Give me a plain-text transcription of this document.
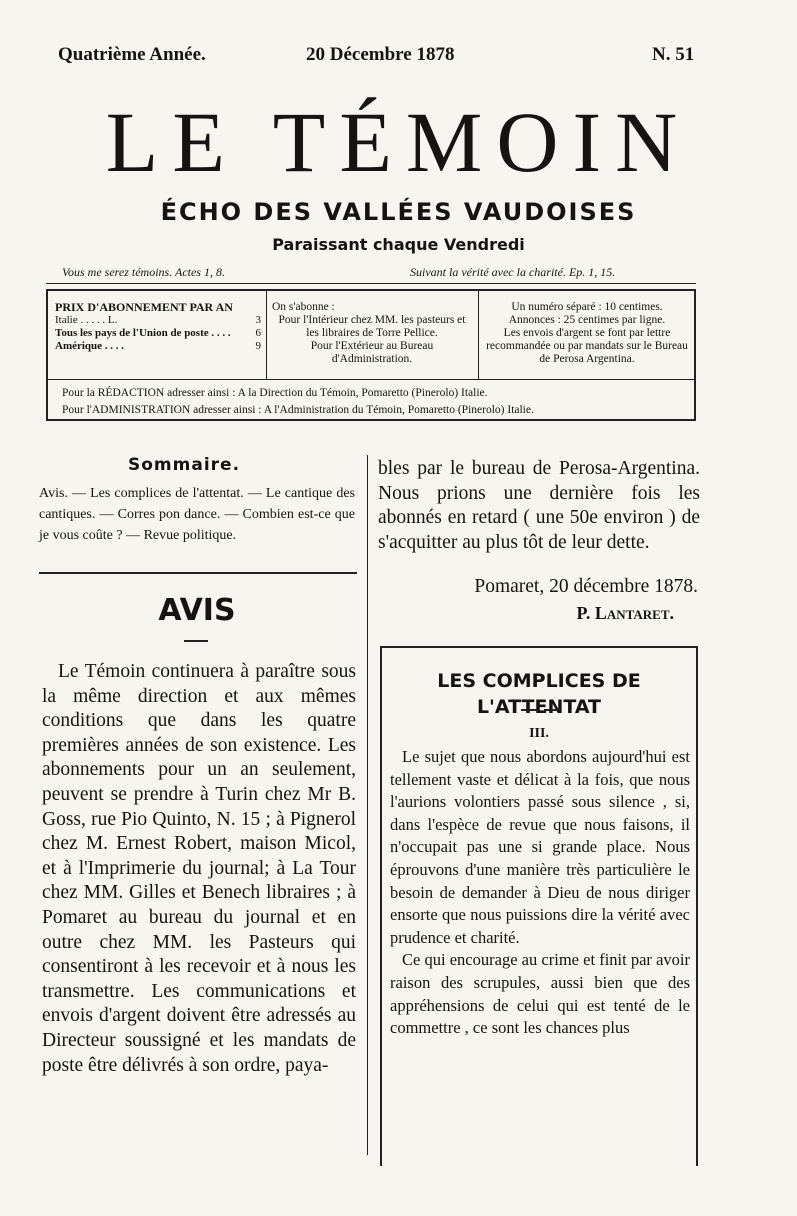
Quatrième Année.	20 Décembre 1878	N. 51
LE TÉMOIN
ÉCHO DES VALLÉES VAUDOISES
Paraissant chaque Vendredi
Vous me serez témoins. Actes 1, 8.	Suivant la vérité avec la charité. Ep. 1, 15.
PRIX D'ABONNEMENT PAR AN
Italie . . . . . L.	3
Tous les pays de l'Union de poste . . . .	6
Amérique . . . .	9
On s'abonne :
Pour l'Intérieur chez MM. les pasteurs et les libraires de Torre Pellice.
Pour l'Extérieur au Bureau d'Administration.
Un numéro séparé : 10 centimes.
Annonces : 25 centimes par ligne.
Les envois d'argent se font par lettre recommandée ou par mandats sur le Bureau de Perosa Argentina.
Pour la RÉDACTION adresser ainsi : A la Direction du Témoin, Pomaretto (Pinerolo) Italie.
Pour l'ADMINISTRATION adresser ainsi : A l'Administration du Témoin, Pomaretto (Pinerolo) Italie.
Sommaire.
Avis. — Les complices de l'attentat. — Le cantique des cantiques. — Corres pon dance. — Combien est-ce que je vous coûte ? — Revue politique.
AVIS

Le Témoin continuera à paraître sous la même direction et aux mêmes conditions que dans les quatre premières années de son existence. Les abonnements pour un an seulement, peuvent se prendre à Turin chez Mr B. Goss, rue Pio Quinto, N. 15 ; à Pignerol chez M. Ernest Robert, maison Micol, et à l'Imprimerie du journal; à La Tour chez MM. Gilles et Benech libraires ; à Pomaret au bureau du journal et en outre chez MM. les Pasteurs qui consentiront à les recevoir et à nous les transmettre. Les communications et envois d'argent doivent être adressés au Directeur soussigné et les mandats de poste être délivrés à son ordre, paya-

bles par le bureau de Perosa-Argentina. Nous prions une dernière fois les abonnés en retard ( une 50e environ ) de s'acquitter au plus tôt de leur dette.

Pomaret, 20 décembre 1878.
P. Lantaret.
LES COMPLICES DE L'ATTENTAT
III.

Le sujet que nous abordons aujourd'hui est tellement vaste et délicat à la fois, que nous l'aurions volontiers passé sous silence , si, dans l'espèce de revue que nous faisons, il n'occupait pas une si grande place. Nous éprouvons d'une manière très particulière le besoin de demander à Dieu de nous diriger ensorte que nous puissions dire la vérité avec prudence et charité.

Ce qui encourage au crime et finit par avoir raison des scrupules, aussi bien que des appréhensions de celui qui est tenté de le commettre , ce sont les chances plus
